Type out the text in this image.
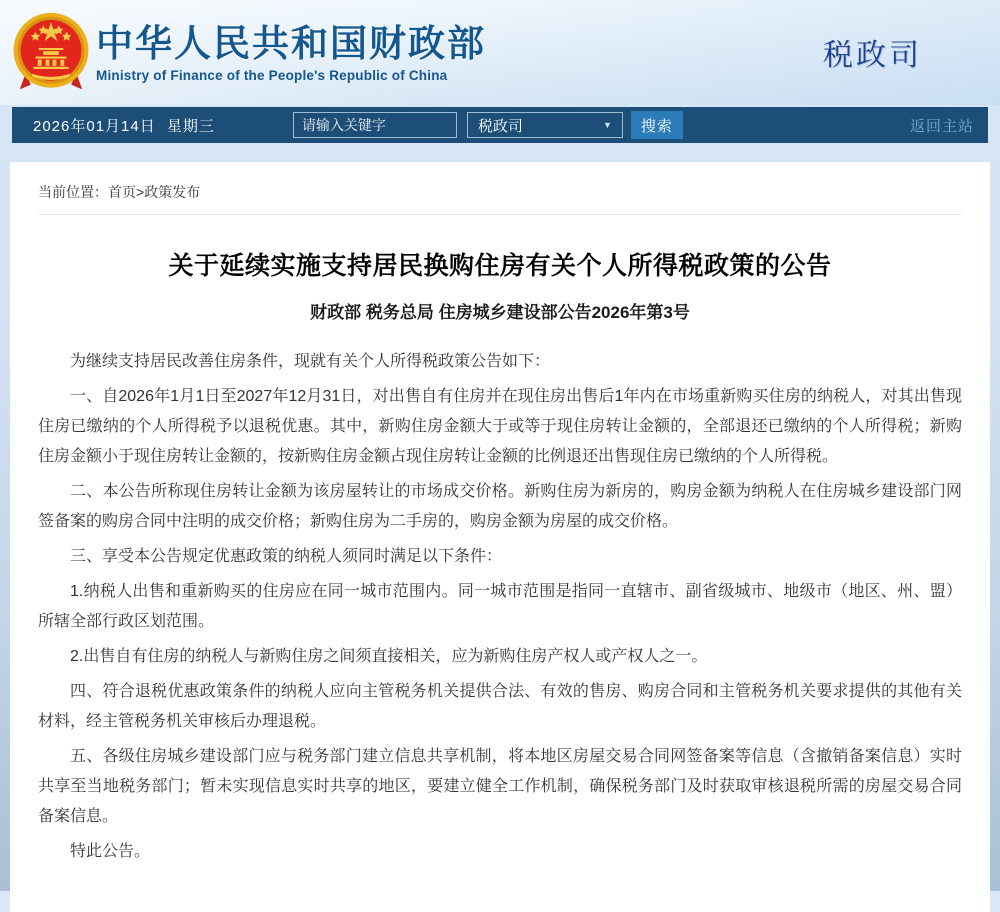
中华人民共和国财政部
Ministry of Finance of the People's Republic of China
税政司
2026年01月14日 星期三
请输入关键字	税政司	▼	搜索	返回主站
当前位置：首页>政策发布
关于延续实施支持居民换购住房有关个人所得税政策的公告
财政部 税务总局 住房城乡建设部公告2026年第3号

为继续支持居民改善住房条件，现就有关个人所得税政策公告如下：

一、自2026年1月1日至2027年12月31日，对出售自有住房并在现住房出售后1年内在市场重新购买住房的纳税人，对其出售现住房已缴纳的个人所得税予以退税优惠。其中，新购住房金额大于或等于现住房转让金额的，全部退还已缴纳的个人所得税；新购住房金额小于现住房转让金额的，按新购住房金额占现住房转让金额的比例退还出售现住房已缴纳的个人所得税。

二、本公告所称现住房转让金额为该房屋转让的市场成交价格。新购住房为新房的，购房金额为纳税人在住房城乡建设部门网签备案的购房合同中注明的成交价格；新购住房为二手房的，购房金额为房屋的成交价格。

三、享受本公告规定优惠政策的纳税人须同时满足以下条件：

1.纳税人出售和重新购买的住房应在同一城市范围内。同一城市范围是指同一直辖市、副省级城市、地级市（地区、州、盟）所辖全部行政区划范围。

2.出售自有住房的纳税人与新购住房之间须直接相关，应为新购住房产权人或产权人之一。

四、符合退税优惠政策条件的纳税人应向主管税务机关提供合法、有效的售房、购房合同和主管税务机关要求提供的其他有关材料，经主管税务机关审核后办理退税。

五、各级住房城乡建设部门应与税务部门建立信息共享机制，将本地区房屋交易合同网签备案等信息（含撤销备案信息）实时共享至当地税务部门；暂未实现信息实时共享的地区，要建立健全工作机制，确保税务部门及时获取审核退税所需的房屋交易合同备案信息。

特此公告。
